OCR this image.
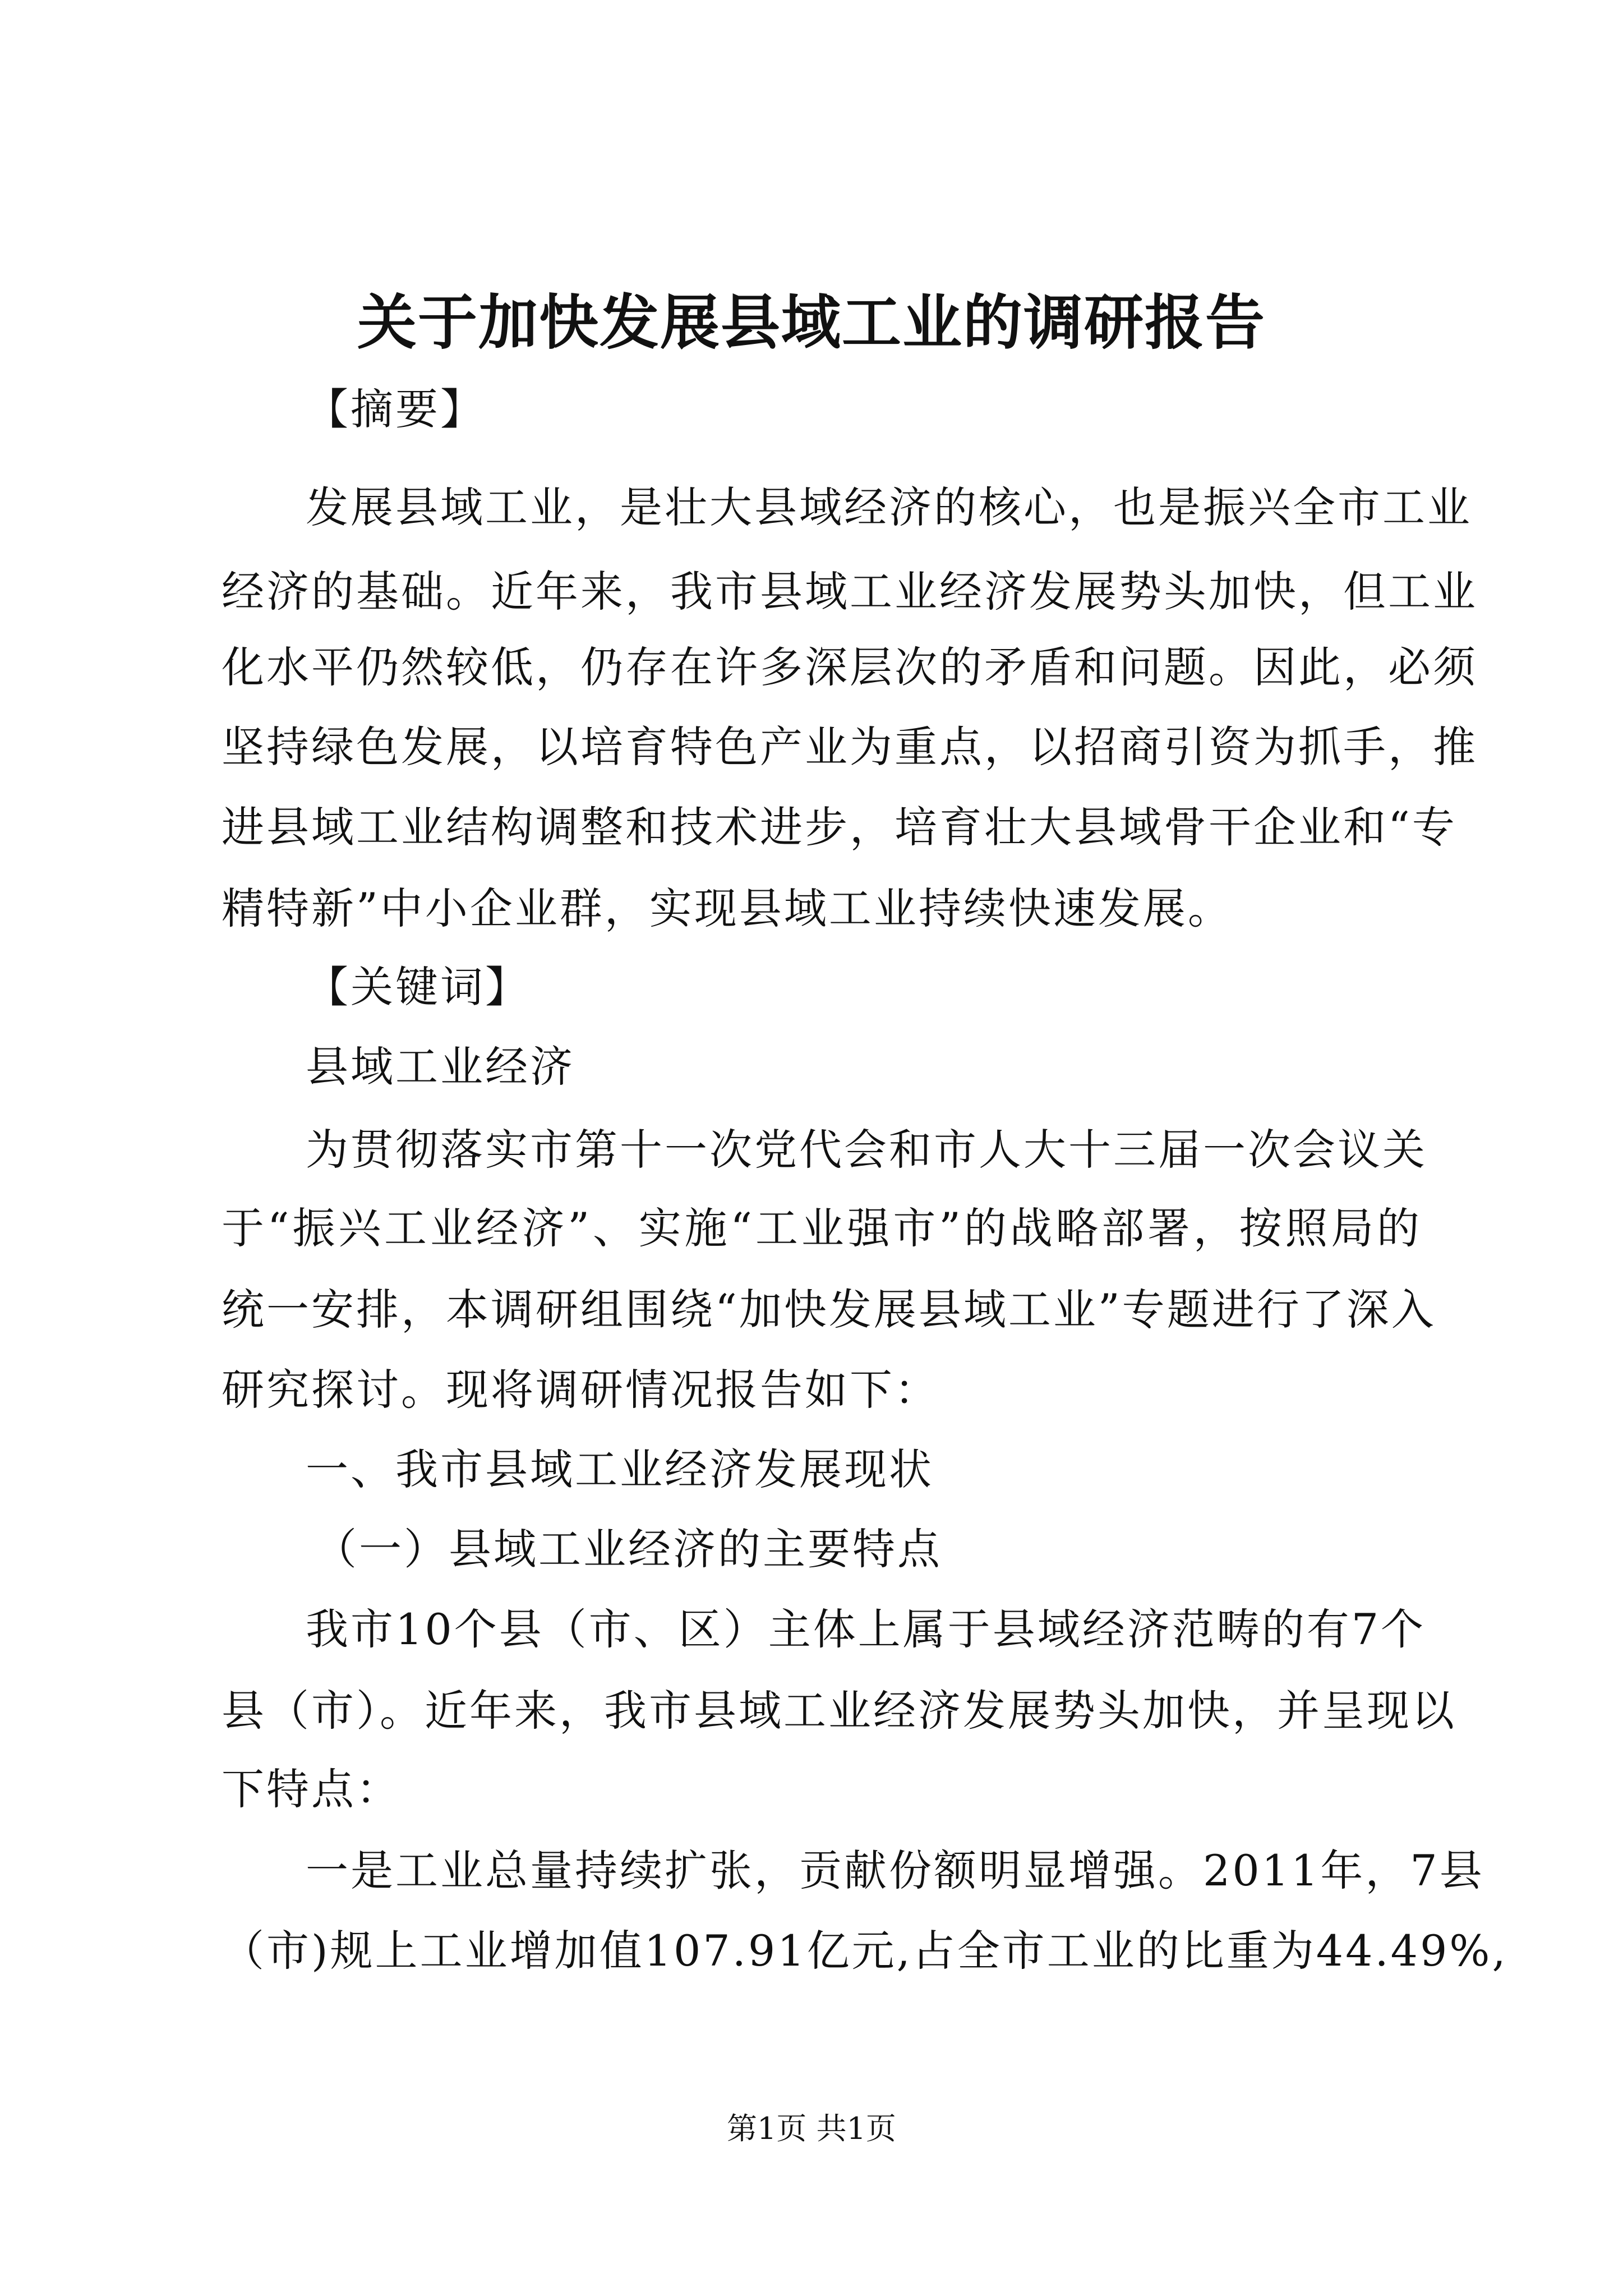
关于加快发展县域工业的调研报告
【摘要】
发展县域工业，是壮大县域经济的核心，也是振兴全市工业
经济的基础。近年来，我市县域工业经济发展势头加快，但工业
化水平仍然较低，仍存在许多深层次的矛盾和问题。因此，必须
坚持绿色发展，以培育特色产业为重点，以招商引资为抓手，推
进县域工业结构调整和技术进步，培育壮大县域骨干企业和“专
精特新”中小企业群，实现县域工业持续快速发展。
【关键词】
县域工业经济
为贯彻落实市第十一次党代会和市人大十三届一次会议关
于“振兴工业经济”、实施“工业强市”的战略部署，按照局的
统一安排，本调研组围绕“加快发展县域工业”专题进行了深入
研究探讨。现将调研情况报告如下：
一、我市县域工业经济发展现状
（一）县域工业经济的主要特点
我市10个县（市、区）主体上属于县域经济范畴的有7个
县（市）。近年来，我市县域工业经济发展势头加快，并呈现以
下特点：
一是工业总量持续扩张，贡献份额明显增强。2011年，7县
（市)规上工业增加值107.91亿元,占全市工业的比重为44.49%,
第1页 共1页
